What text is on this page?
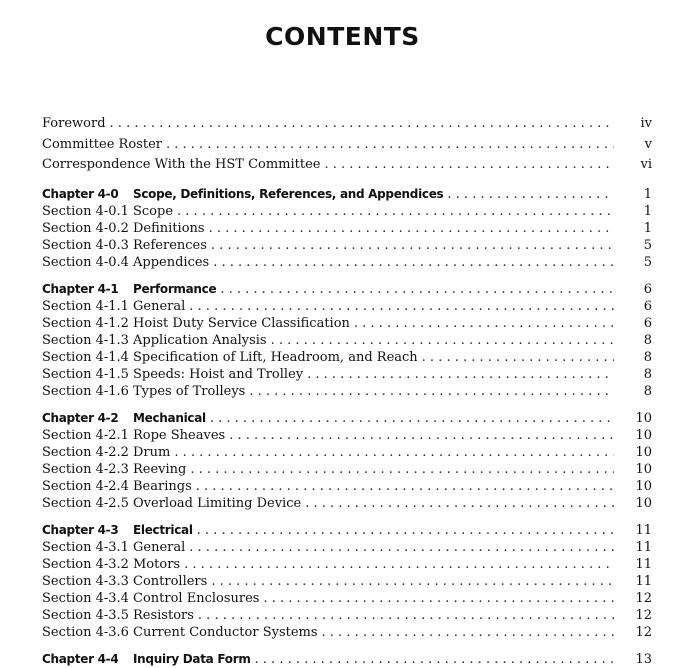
CONTENTS
Foreword . . .	iv
Committee Roster . . .	v
Correspondence With the HST Committee . . .	vi
Chapter 4-0	Scope, Definitions, References, and Appendices . . .	1
Section 4-0.1 Scope . . .	1
Section 4-0.2 Definitions . . .	1
Section 4-0.3 References . . .	5
Section 4-0.4 Appendices . . .	5
Chapter 4-1	Performance . . .	6
Section 4-1.1 General . . .	6
Section 4-1.2 Hoist Duty Service Classification . . .	6
Section 4-1.3 Application Analysis . . .	8
Section 4-1.4 Specification of Lift, Headroom, and Reach . . .	8
Section 4-1.5 Speeds: Hoist and Trolley . . .	8
Section 4-1.6 Types of Trolleys . . .	8
Chapter 4-2	Mechanical . . .	10
Section 4-2.1 Rope Sheaves . . .	10
Section 4-2.2 Drum . . .	10
Section 4-2.3 Reeving . . .	10
Section 4-2.4 Bearings . . .	10
Section 4-2.5 Overload Limiting Device . . .	10
Chapter 4-3	Electrical . . .	11
Section 4-3.1 General . . .	11
Section 4-3.2 Motors . . .	11
Section 4-3.3 Controllers . . .	11
Section 4-3.4 Control Enclosures . . .	12
Section 4-3.5 Resistors . . .	12
Section 4-3.6 Current Conductor Systems . . .	12
Chapter 4-4	Inquiry Data Form . . .	13
